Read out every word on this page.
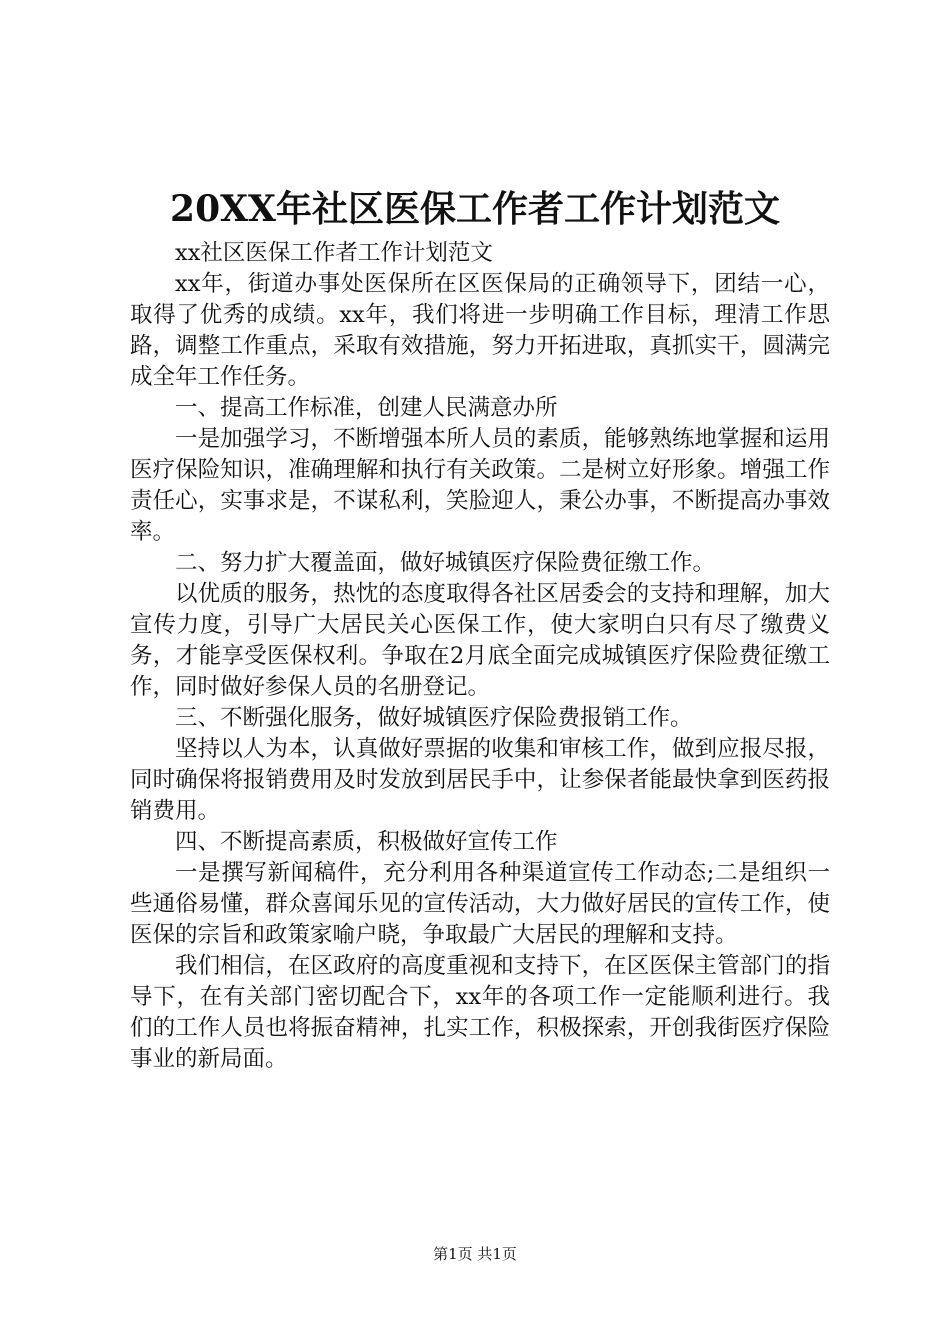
20XX年社区医保工作者工作计划范文

xx社区医保工作者工作计划范文

xx年，街道办事处医保所在区医保局的正确领导下，团结一心，取得了优秀的成绩。xx年，我们将进一步明确工作目标，理清工作思路，调整工作重点，采取有效措施，努力开拓进取，真抓实干，圆满完成全年工作任务。

一、提高工作标准，创建人民满意办所

一是加强学习，不断增强本所人员的素质，能够熟练地掌握和运用医疗保险知识，准确理解和执行有关政策。二是树立好形象。增强工作责任心，实事求是，不谋私利，笑脸迎人，秉公办事，不断提高办事效率。

二、努力扩大覆盖面，做好城镇医疗保险费征缴工作。

以优质的服务，热忱的态度取得各社区居委会的支持和理解，加大宣传力度，引导广大居民关心医保工作，使大家明白只有尽了缴费义务，才能享受医保权利。争取在2月底全面完成城镇医疗保险费征缴工作，同时做好参保人员的名册登记。

三、不断强化服务，做好城镇医疗保险费报销工作。

坚持以人为本，认真做好票据的收集和审核工作，做到应报尽报，同时确保将报销费用及时发放到居民手中，让参保者能最快拿到医药报销费用。

四、不断提高素质，积极做好宣传工作

一是撰写新闻稿件，充分利用各种渠道宣传工作动态;二是组织一些通俗易懂，群众喜闻乐见的宣传活动，大力做好居民的宣传工作，使医保的宗旨和政策家喻户晓，争取最广大居民的理解和支持。

我们相信，在区政府的高度重视和支持下，在区医保主管部门的指导下，在有关部门密切配合下，xx年的各项工作一定能顺利进行。我们的工作人员也将振奋精神，扎实工作，积极探索，开创我街医疗保险事业的新局面。

第1页 共1页
